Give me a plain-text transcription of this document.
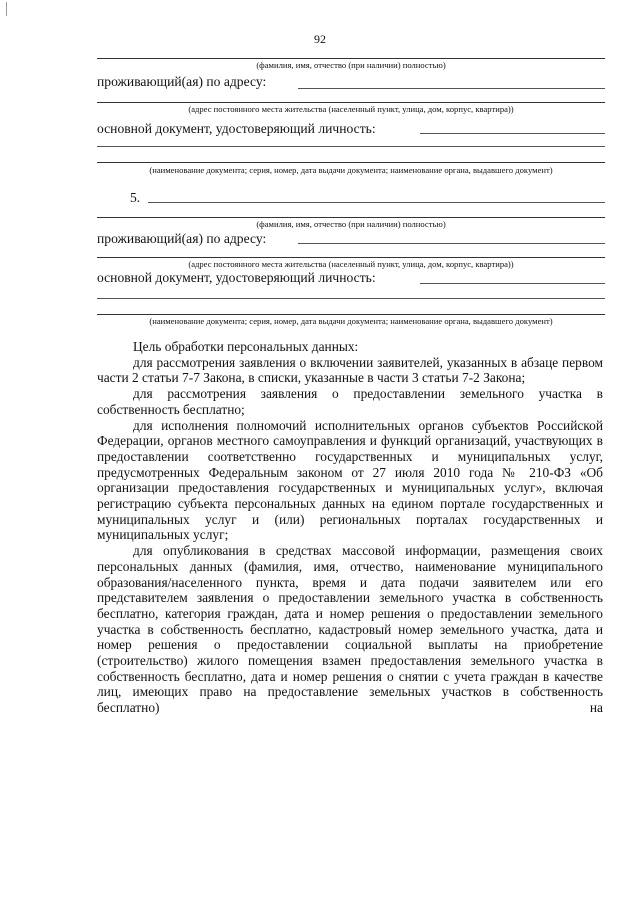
92
(фамилия, имя, отчество (при наличии) полностью)
проживающий(ая) по адресу:
(адрес постоянного места жительства (населенный пункт, улица, дом, корпус, квартира))
основной документ, удостоверяющий личность:
(наименование документа; серия, номер, дата выдачи документа; наименование органа, выдавшего документ)
5.
(фамилия, имя, отчество (при наличии) полностью)
проживающий(ая) по адресу:
(адрес постоянного места жительства (населенный пункт, улица, дом, корпус, квартира))
основной документ, удостоверяющий личность:
(наименование документа; серия, номер, дата выдачи документа; наименование органа, выдавшего документ)

Цель обработки персональных данных:

для рассмотрения заявления о включении заявителей, указанных в абзаце первом части 2 статьи 7-7 Закона, в списки, указанные в части 3 статьи 7-2 Закона;

для рассмотрения заявления о предоставлении земельного участка в собственность бесплатно;

для исполнения полномочий исполнительных органов субъектов Российской Федерации, органов местного самоуправления и функций организаций, участвующих в предоставлении соответственно государственных и муниципальных услуг, предусмотренных Федеральным законом от 27 июля 2010 года № 210-ФЗ «Об организации предоставления государственных и муниципальных услуг», включая регистрацию субъекта персональных данных на едином портале государственных и муниципальных услуг и (или) региональных порталах государственных и муниципальных услуг;

для опубликования в средствах массовой информации, размещения своих персональных данных (фамилия, имя, отчество, наименование муниципального образования/населенного пункта, время и дата подачи заявителем или его представителем заявления о предоставлении земельного участка в собственность бесплатно, категория граждан, дата и номер решения о предоставлении земельного участка в собственность бесплатно, кадастровый номер земельного участка, дата и номер решения о предоставлении социальной выплаты на приобретение (строительство) жилого помещения взамен предоставления земельного участка в собственность бесплатно, дата и номер решения о снятии с учета граждан в качестве лиц, имеющих право на предоставление земельных участков в собственность бесплатно) на
